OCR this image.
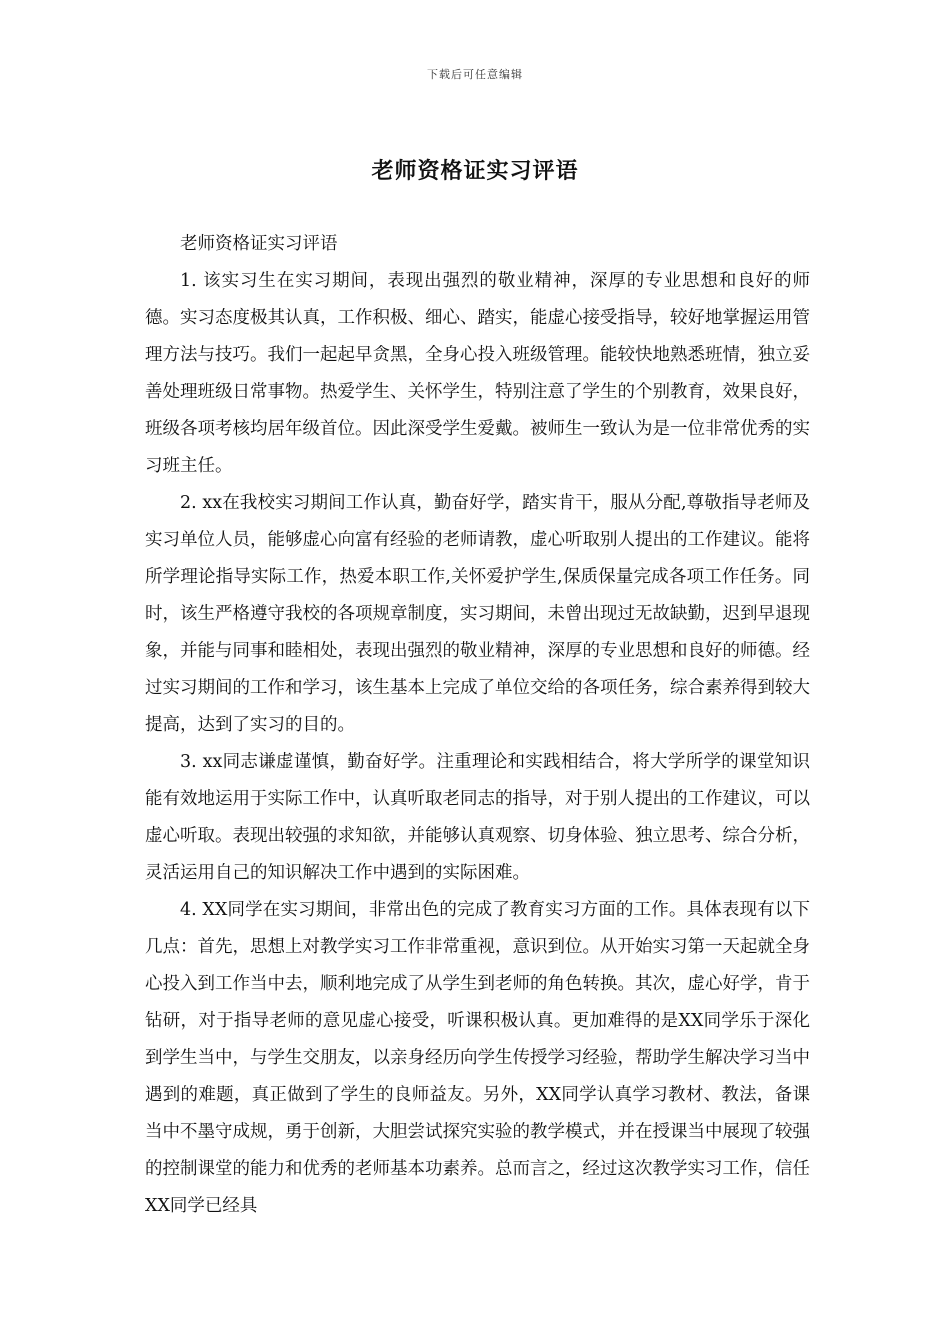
下载后可任意编辑
老师资格证实习评语

老师资格证实习评语

1. 该实习生在实习期间，表现出强烈的敬业精神，深厚的专业思想和良好的师德。实习态度极其认真，工作积极、细心、踏实，能虚心接受指导，较好地掌握运用管理方法与技巧。我们一起起早贪黑，全身心投入班级管理。能较快地熟悉班情，独立妥善处理班级日常事物。热爱学生、关怀学生，特别注意了学生的个别教育，效果良好，班级各项考核均居年级首位。因此深受学生爱戴。被师生一致认为是一位非常优秀的实习班主任。

2. xx在我校实习期间工作认真，勤奋好学，踏实肯干，服从分配,尊敬指导老师及实习单位人员，能够虚心向富有经验的老师请教，虚心听取别人提出的工作建议。能将所学理论指导实际工作，热爱本职工作,关怀爱护学生,保质保量完成各项工作任务。同时，该生严格遵守我校的各项规章制度，实习期间，未曾出现过无故缺勤，迟到早退现象，并能与同事和睦相处，表现出强烈的敬业精神，深厚的专业思想和良好的师德。经过实习期间的工作和学习，该生基本上完成了单位交给的各项任务，综合素养得到较大提高，达到了实习的目的。

3. xx同志谦虚谨慎，勤奋好学。注重理论和实践相结合，将大学所学的课堂知识能有效地运用于实际工作中，认真听取老同志的指导，对于别人提出的工作建议，可以虚心听取。表现出较强的求知欲，并能够认真观察、切身体验、独立思考、综合分析，灵活运用自己的知识解决工作中遇到的实际困难。

4. XX同学在实习期间，非常出色的完成了教育实习方面的工作。具体表现有以下几点：首先，思想上对教学实习工作非常重视，意识到位。从开始实习第一天起就全身心投入到工作当中去，顺利地完成了从学生到老师的角色转换。其次，虚心好学，肯于钻研，对于指导老师的意见虚心接受，听课积极认真。更加难得的是XX同学乐于深化到学生当中，与学生交朋友，以亲身经历向学生传授学习经验，帮助学生解决学习当中遇到的难题，真正做到了学生的良师益友。另外，XX同学认真学习教材、教法，备课当中不墨守成规，勇于创新，大胆尝试探究实验的教学模式，并在授课当中展现了较强的控制课堂的能力和优秀的老师基本功素养。总而言之，经过这次教学实习工作，信任XX同学已经具
